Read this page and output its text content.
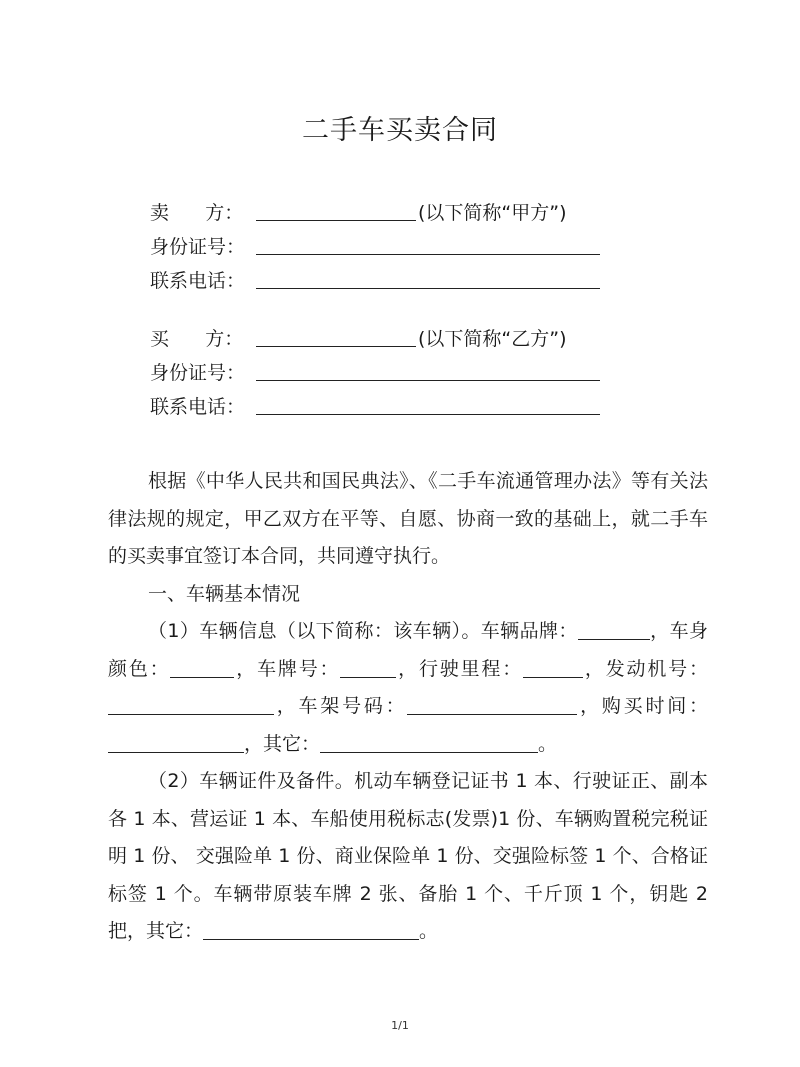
二手车买卖合同
卖      方：	(以下简称“甲方”)
身份证号：
联系电话：
买      方：	(以下简称“乙方”)
身份证号：
联系电话：

根据《中华人民共和国民典法》、《二手车流通管理办法》等有关法律法规的规定，甲乙双方在平等、自愿、协商一致的基础上，就二手车的买卖事宜签订本合同，共同遵守执行。

一、车辆基本情况

（1）车辆信息（以下简称：该车辆）。车辆品牌：	，车身颜色：	，车牌号：	，行驶里程：	，发动机号：，车架号码：	，购买时间：，其它：	。

（2）车辆证件及备件。机动车辆登记证书 1 本、行驶证正、副本各 1 本、营运证 1 本、车船使用税标志(发票)1 份、车辆购置税完税证明 1 份、 交强险单 1 份、商业保险单 1 份、交强险标签 1 个、合格证标签 1 个。车辆带原装车牌 2 张、备胎 1 个、千斤顶 1 个，钥匙 2 把，其它：	。

1/1
